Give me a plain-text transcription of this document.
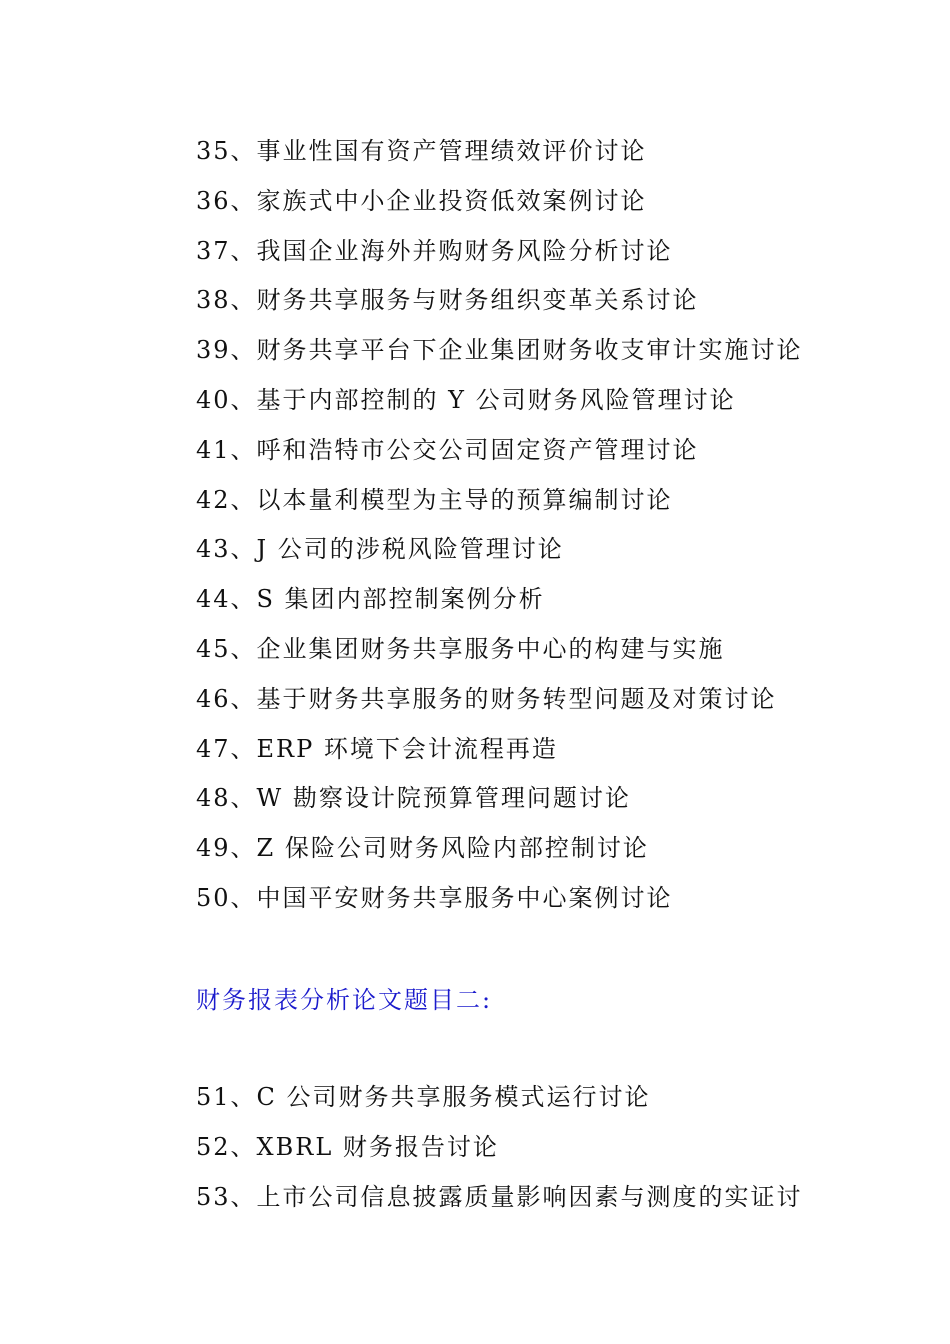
35、事业性国有资产管理绩效评价讨论
36、家族式中小企业投资低效案例讨论
37、我国企业海外并购财务风险分析讨论
38、财务共享服务与财务组织变革关系讨论
39、财务共享平台下企业集团财务收支审计实施讨论
40、基于内部控制的 Y 公司财务风险管理讨论
41、呼和浩特市公交公司固定资产管理讨论
42、以本量利模型为主导的预算编制讨论
43、J 公司的涉税风险管理讨论
44、S 集团内部控制案例分析
45、企业集团财务共享服务中心的构建与实施
46、基于财务共享服务的财务转型问题及对策讨论
47、ERP 环境下会计流程再造
48、W 勘察设计院预算管理问题讨论
49、Z 保险公司财务风险内部控制讨论
50、中国平安财务共享服务中心案例讨论
财务报表分析论文题目二:
51、C 公司财务共享服务模式运行讨论
52、XBRL 财务报告讨论
53、上市公司信息披露质量影响因素与测度的实证讨
